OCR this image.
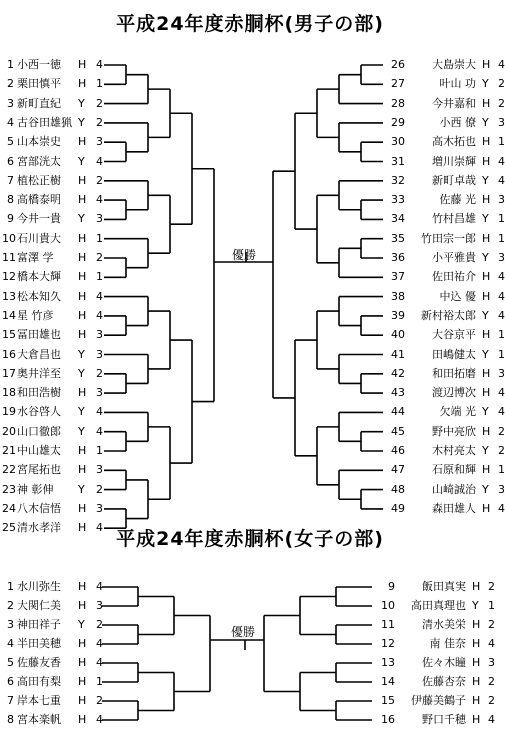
平成24年度赤胴杯(男子の部)
平成24年度赤胴杯(女子の部)
1 小西一徳 H 4
2 栗田慎平 H 1
3 新町直紀 Y 2
4 古谷田雄猟 Y 2
5 山本崇史 H 3
6 宮部洸太 Y 4
7 植松正樹 H 2
8 高橋泰明 H 4
9 今井一貴 Y 3
10 石川貴大 H 1
11 富澤 学 H 2
12 橋本大輝 H 1
13 松本知久 H 4
14 星 竹彦 H 4
15 冨田雄也 H 3
16 大倉昌也 Y 3
17 奥井洋至 Y 2
18 和田浩樹 H 3
19 水谷啓人 Y 4
20 山口徹郎 Y 4
21 中山雄太 H 1
22 宮尾拓也 H 3
23 神 彰伸 Y 2
24 八木信悟 H 3
25 清水孝洋 H 4
26	大島崇大 H 4
27	叶山 功 Y 2
28	今井嘉和 H 2
29	小西 僚 Y 3
30	高木拓也 H 1
31	増川崇輝 H 4
32	新町卓哉 Y 4
33	佐藤 光 H 3
34	竹村昌雄 Y 1
35	竹田宗一郎 H 1
36	小平雅貴 Y 3
37	佐田祐介 H 4
38	中込 優 H 4
39	新村裕太郎 Y 4
40	大谷京平 H 1
41	田嶋健太 Y 1
42	和田拓磨 H 3
43	渡辺博次 H 4
44	欠端 光 Y 4
45	野中亮欣 H 2
46	木村亮太 Y 2
47	石原和輝 H 1
48	山崎誠治 Y 3
49	森田雄人 H 4
1 水川弥生 H 4
2 大関仁美 H 3
3 神田祥子 Y 2
4 半田美穂 H 4
5 佐藤友香 H 4
6 高田有梨 H 1
7 岸本七重 H 2
8 宮本楽帆 H 4
9	飯田真実 H 2
10	高田真理也 Y 1
11	清水美栄 H 2
12	南 佳奈 H 4
13	佐々木瞳 H 3
14	佐藤杏奈 H 2
15	伊藤美鶴子 H 2
16	野口千穂 H 4
優勝
優勝
